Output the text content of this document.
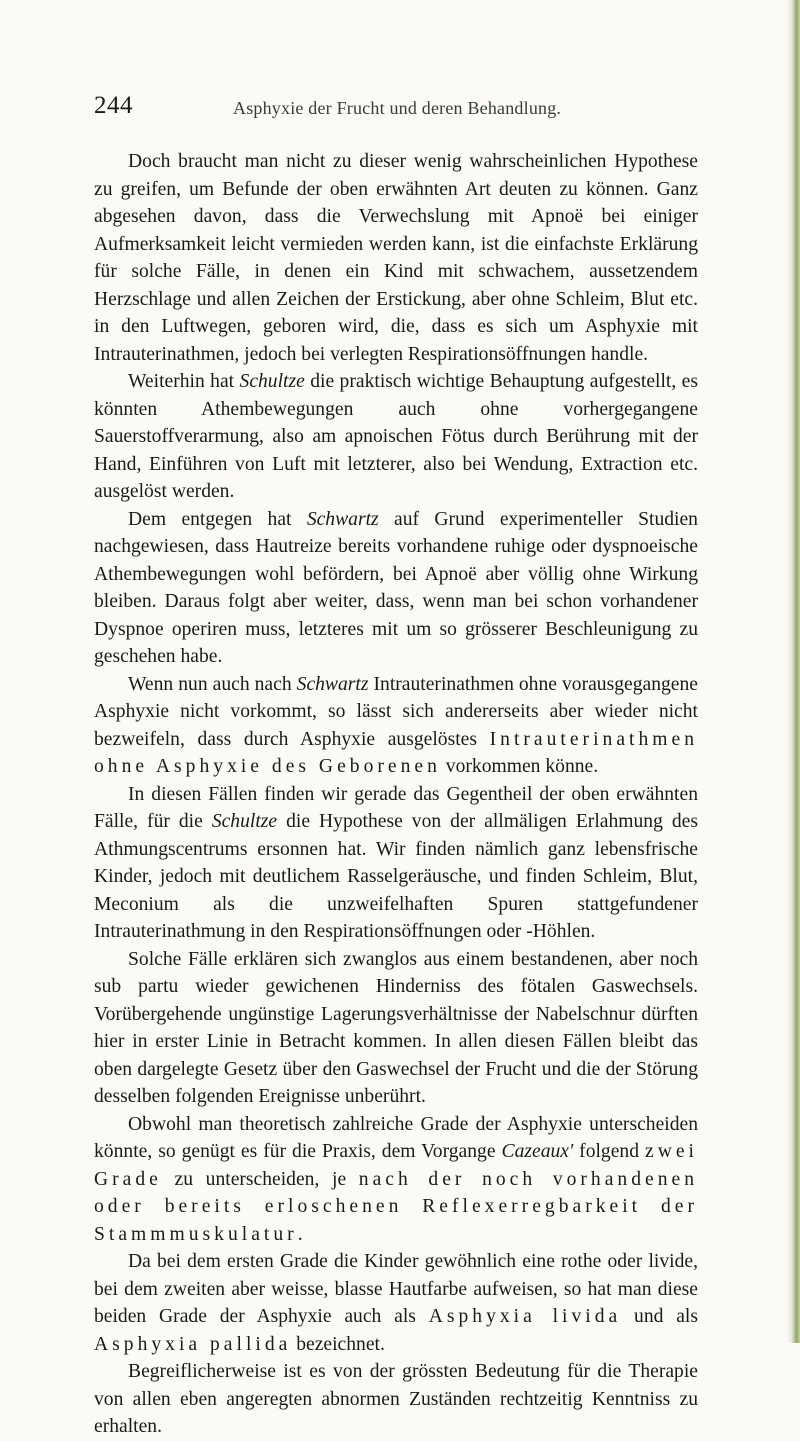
244	Asphyxie der Frucht und deren Behandlung.

Doch braucht man nicht zu dieser wenig wahrscheinlichen Hypothese zu greifen, um Befunde der oben erwähnten Art deuten zu können. Ganz abgesehen davon, dass die Verwechslung mit Apnoë bei einiger Aufmerksamkeit leicht vermieden werden kann, ist die einfachste Erklärung für solche Fälle, in denen ein Kind mit schwachem, aussetzendem Herzschlage und allen Zeichen der Erstickung, aber ohne Schleim, Blut etc. in den Luftwegen, geboren wird, die, dass es sich um Asphyxie mit Intrauterinathmen, jedoch bei verlegten Respirationsöffnungen handle.

Weiterhin hat Schultze die praktisch wichtige Behauptung aufgestellt, es könnten Athembewegungen auch ohne vorhergegangene Sauerstoffverarmung, also am apnoischen Fötus durch Berührung mit der Hand, Einführen von Luft mit letzterer, also bei Wendung, Extraction etc. ausgelöst werden.

Dem entgegen hat Schwartz auf Grund experimenteller Studien nachgewiesen, dass Hautreize bereits vorhandene ruhige oder dyspnoeische Athembewegungen wohl befördern, bei Apnoë aber völlig ohne Wirkung bleiben. Daraus folgt aber weiter, dass, wenn man bei schon vorhandener Dyspnoe operiren muss, letzteres mit um so grösserer Beschleunigung zu geschehen habe.

Wenn nun auch nach Schwartz Intrauterinathmen ohne vorausgegangene Asphyxie nicht vorkommt, so lässt sich andererseits aber wieder nicht bezweifeln, dass durch Asphyxie ausgelöstes Intrauterinathmen ohne Asphyxie des Geborenen vorkommen könne.

In diesen Fällen finden wir gerade das Gegentheil der oben erwähnten Fälle, für die Schultze die Hypothese von der allmäligen Erlahmung des Athmungscentrums ersonnen hat. Wir finden nämlich ganz lebensfrische Kinder, jedoch mit deutlichem Rasselgeräusche, und finden Schleim, Blut, Meconium als die unzweifelhaften Spuren stattgefundener Intrauterinathmung in den Respirationsöffnungen oder -Höhlen.

Solche Fälle erklären sich zwanglos aus einem bestandenen, aber noch sub partu wieder gewichenen Hinderniss des fötalen Gaswechsels. Vorübergehende ungünstige Lagerungsverhältnisse der Nabelschnur dürften hier in erster Linie in Betracht kommen. In allen diesen Fällen bleibt das oben dargelegte Gesetz über den Gaswechsel der Frucht und die der Störung desselben folgenden Ereignisse unberührt.

Obwohl man theoretisch zahlreiche Grade der Asphyxie unterscheiden könnte, so genügt es für die Praxis, dem Vorgange Cazeaux' folgend zwei Grade zu unterscheiden, je nach der noch vorhandenen oder bereits erloschenen Reflexerregbarkeit der Stammmuskulatur.

Da bei dem ersten Grade die Kinder gewöhnlich eine rothe oder livide, bei dem zweiten aber weisse, blasse Hautfarbe aufweisen, so hat man diese beiden Grade der Asphyxie auch als Asphyxia livida und als Asphyxia pallida bezeichnet.

Begreiflicherweise ist es von der grössten Bedeutung für die Therapie von allen eben angeregten abnormen Zuständen rechtzeitig Kenntniss zu erhalten.
